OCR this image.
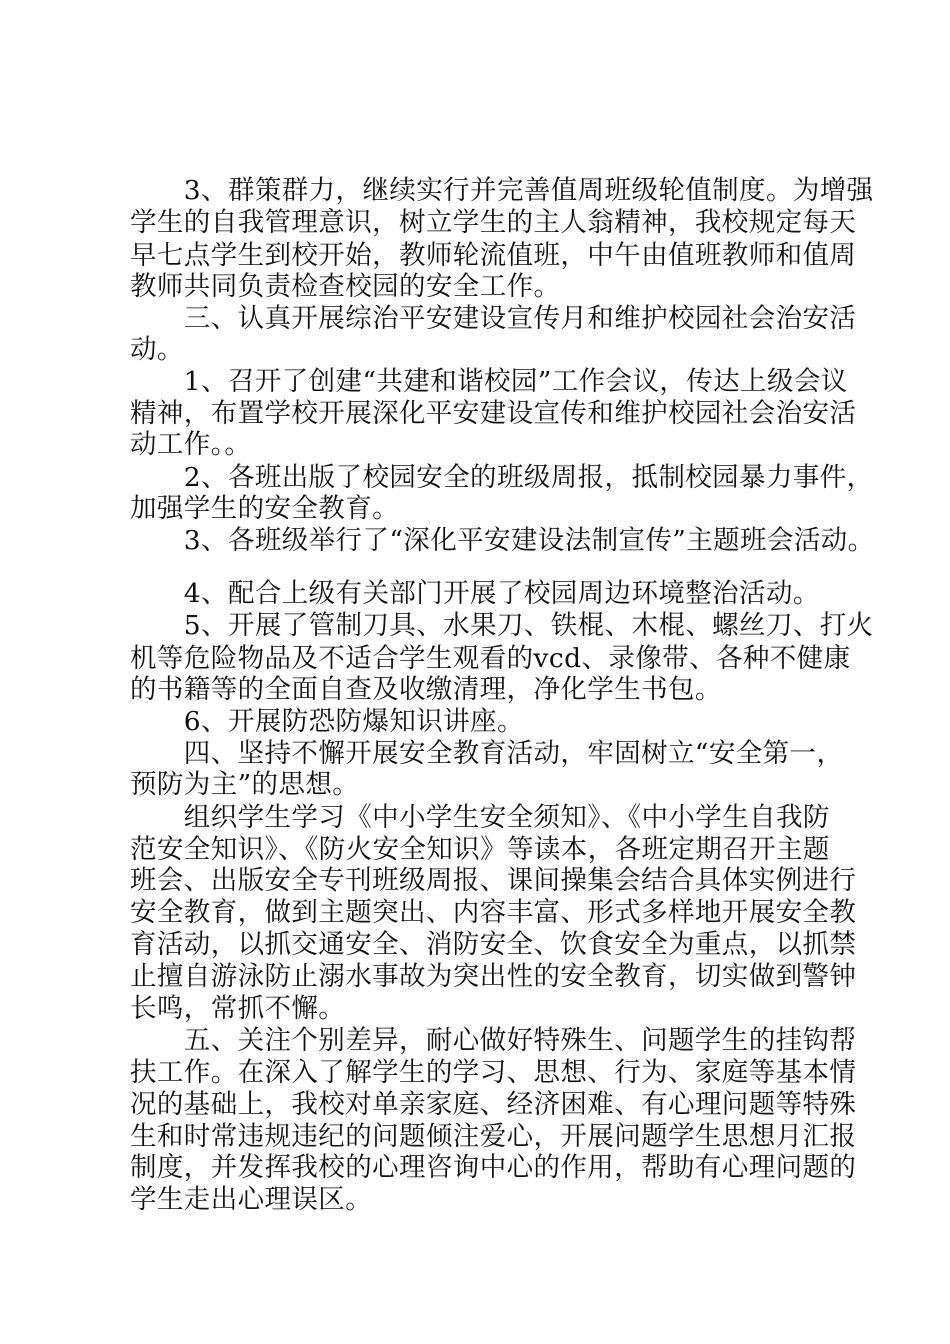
　　3、群策群力，继续实行并完善值周班级轮值制度。为增强
学生的自我管理意识，树立学生的主人翁精神，我校规定每天
早七点学生到校开始，教师轮流值班，中午由值班教师和值周
教师共同负责检查校园的安全工作。
　　三、认真开展综治平安建设宣传月和维护校园社会治安活
动。
　　1、召开了创建“共建和谐校园”工作会议，传达上级会议
精神，布置学校开展深化平安建设宣传和维护校园社会治安活
动工作。。
　　2、各班出版了校园安全的班级周报，抵制校园暴力事件，
加强学生的安全教育。
　　3、各班级举行了“深化平安建设法制宣传”主题班会活动。
　　4、配合上级有关部门开展了校园周边环境整治活动。
　　5、开展了管制刀具、水果刀、铁棍、木棍、螺丝刀、打火
机等危险物品及不适合学生观看的vcd、录像带、各种不健康
的书籍等的全面自查及收缴清理，净化学生书包。
　　6、开展防恐防爆知识讲座。
　　四、坚持不懈开展安全教育活动，牢固树立“安全第一，
预防为主”的思想。
　　组织学生学习《中小学生安全须知》、《中小学生自我防
范安全知识》、《防火安全知识》等读本，各班定期召开主题
班会、出版安全专刊班级周报、课间操集会结合具体实例进行
安全教育，做到主题突出、内容丰富、形式多样地开展安全教
育活动，以抓交通安全、消防安全、饮食安全为重点，以抓禁
止擅自游泳防止溺水事故为突出性的安全教育，切实做到警钟
长鸣，常抓不懈。
　　五、关注个别差异，耐心做好特殊生、问题学生的挂钩帮
扶工作。在深入了解学生的学习、思想、行为、家庭等基本情
况的基础上，我校对单亲家庭、经济困难、有心理问题等特殊
生和时常违规违纪的问题倾注爱心，开展问题学生思想月汇报
制度，并发挥我校的心理咨询中心的作用，帮助有心理问题的
学生走出心理误区。
